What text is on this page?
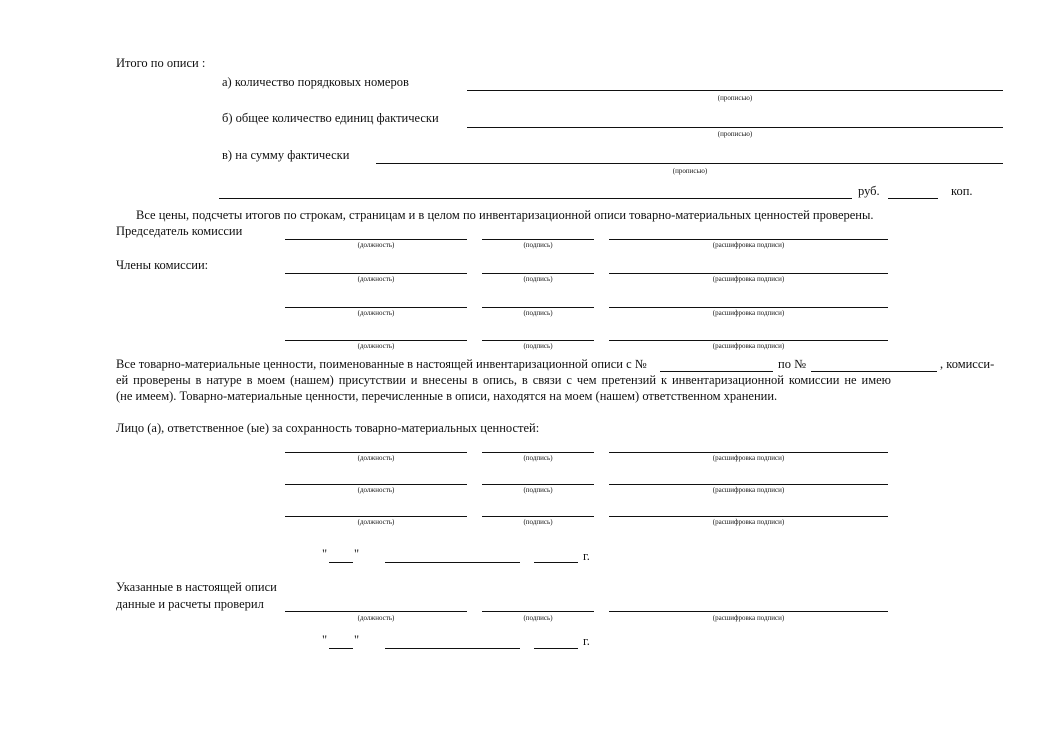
Итого по описи :
а) количество порядковых номеров
(прописью)
б) общее количество единиц фактически
(прописью)
в) на сумму фактически
(прописью)
руб.	коп.
Все цены, подсчеты итогов по строкам, страницам и в целом по инвентаризационной описи товарно-материальных ценностей проверены.
Председатель комиссии
(должность)	(подпись)	(расшифровка подписи)
Члены комиссии:
(должность)	(подпись)	(расшифровка подписи)
(должность)	(подпись)	(расшифровка подписи)
(должность)	(подпись)	(расшифровка подписи)
Все товарно-материальные ценности, поименованные в настоящей инвентаризационной описи с №	по №	, комисси-
ей проверены в натуре в моем (нашем) присутствии и внесены в опись, в связи с чем претензий к инвентаризационной комиссии не имею
(не имеем). Товарно-материальные ценности, перечисленные в описи, находятся на моем (нашем) ответственном хранении.
Лицо (а), ответственное (ые) за сохранность товарно-материальных ценностей:
(должность)	(подпись)	(расшифровка подписи)
(должность)	(подпись)	(расшифровка подписи)
(должность)	(подпись)	(расшифровка подписи)
" "	г.
Указанные в настоящей описи
данные и расчеты проверил
(должность)	(подпись)	(расшифровка подписи)
" "	г.
